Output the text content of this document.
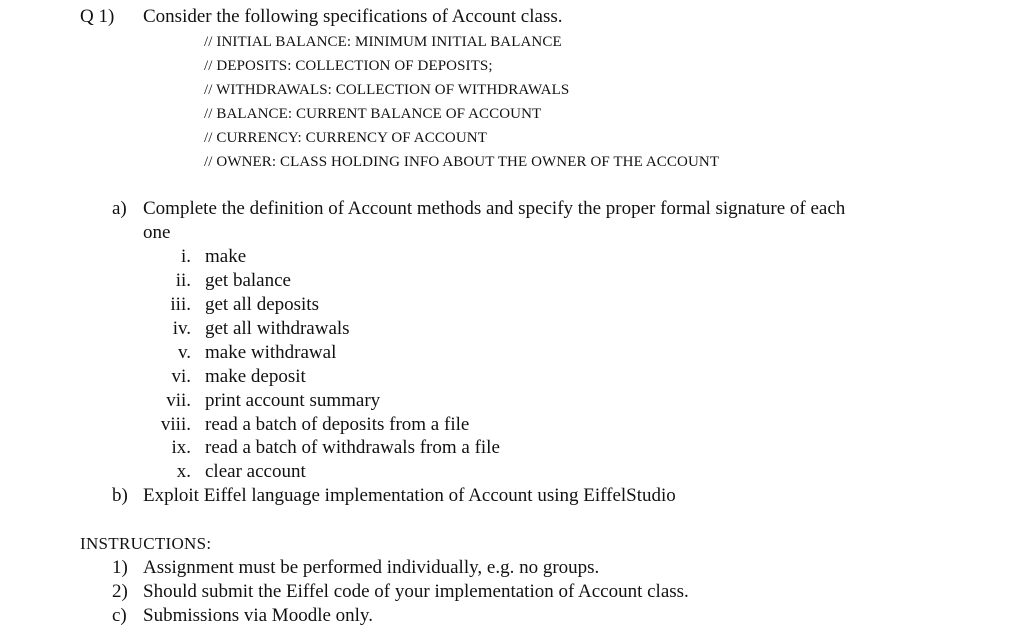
Q 1) Consider the following specifications of Account class.
// INITIAL BALANCE: MINIMUM INITIAL BALANCE
// DEPOSITS: COLLECTION OF DEPOSITS;
// WITHDRAWALS: COLLECTION OF WITHDRAWALS
// BALANCE: CURRENT BALANCE OF ACCOUNT
// CURRENCY: CURRENCY OF ACCOUNT
// OWNER: CLASS HOLDING INFO ABOUT THE OWNER OF THE ACCOUNT
a) Complete the definition of Account methods and specify the proper formal signature of each
one
i. make
ii. get balance
iii. get all deposits
iv. get all withdrawals
v. make withdrawal
vi. make deposit
vii. print account summary
viii. read a batch of deposits from a file
ix. read a batch of withdrawals from a file
x. clear account
b) Exploit Eiffel language implementation of Account using EiffelStudio
INSTRUCTIONS:
1) Assignment must be performed individually, e.g. no groups.
2) Should submit the Eiffel code of your implementation of Account class.
c) Submissions via Moodle only.
